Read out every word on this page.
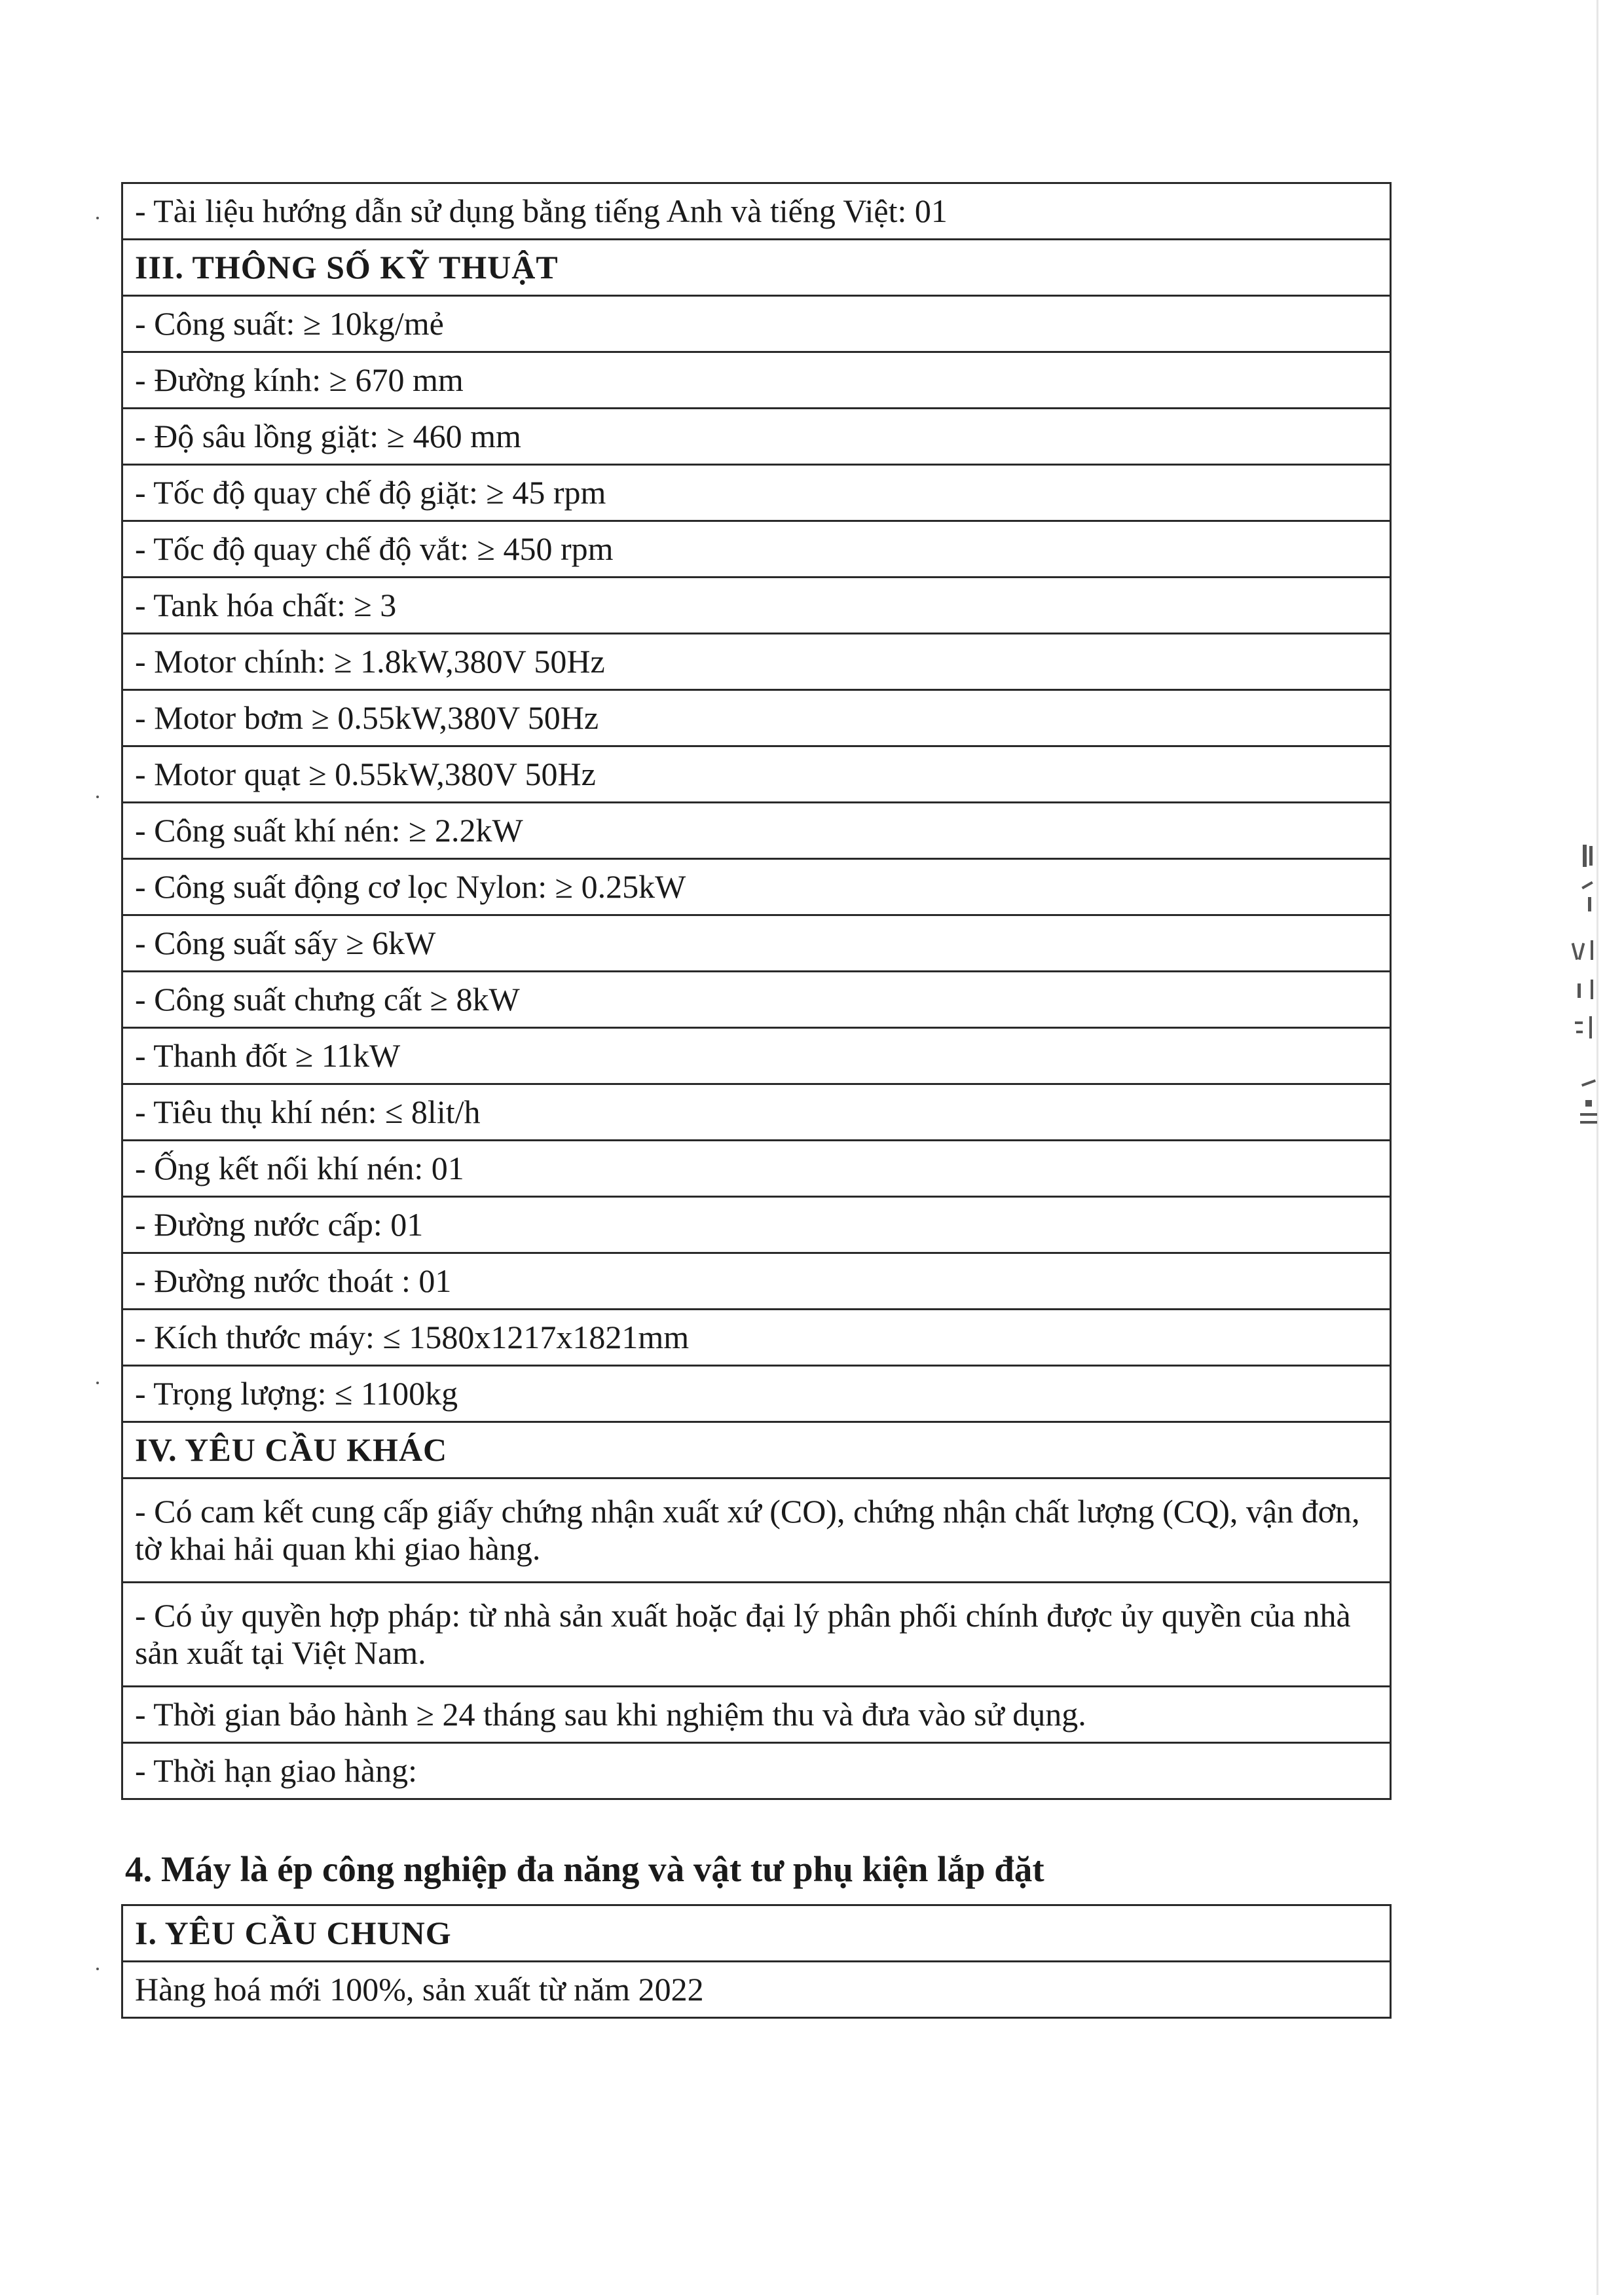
- Tài liệu hướng dẫn sử dụng bằng tiếng Anh và tiếng Việt: 01
III. THÔNG SỐ KỸ THUẬT
- Công suất: ≥ 10kg/mẻ
- Đường kính: ≥ 670 mm
- Độ sâu lồng giặt: ≥ 460 mm
- Tốc độ quay chế độ giặt: ≥ 45 rpm
- Tốc độ quay chế độ vắt: ≥ 450 rpm
- Tank hóa chất: ≥ 3
- Motor chính: ≥ 1.8kW,380V 50Hz
- Motor bơm ≥ 0.55kW,380V 50Hz
- Motor quạt ≥ 0.55kW,380V 50Hz
- Công suất khí nén: ≥ 2.2kW
- Công suất động cơ lọc Nylon: ≥ 0.25kW
- Công suất sấy ≥ 6kW
- Công suất chưng cất ≥ 8kW
- Thanh đốt ≥ 11kW
- Tiêu thụ khí nén: ≤ 8lit/h
- Ống kết nối khí nén: 01
- Đường nước cấp: 01
- Đường nước thoát : 01
- Kích thước máy: ≤ 1580x1217x1821mm
- Trọng lượng: ≤ 1100kg
IV. YÊU CẦU KHÁC
- Có cam kết cung cấp giấy chứng nhận xuất xứ (CO), chứng nhận chất lượng (CQ), vận đơn, tờ khai hải quan khi giao hàng.
- Có ủy quyền hợp pháp: từ nhà sản xuất hoặc đại lý phân phối chính được ủy quyền của nhà sản xuất tại Việt Nam.
- Thời gian bảo hành ≥ 24 tháng sau khi nghiệm thu và đưa vào sử dụng.
- Thời hạn giao hàng:
4. Máy là ép công nghiệp đa năng và vật tư phụ kiện lắp đặt
I. YÊU CẦU CHUNG
Hàng hoá mới 100%, sản xuất từ năm 2022
